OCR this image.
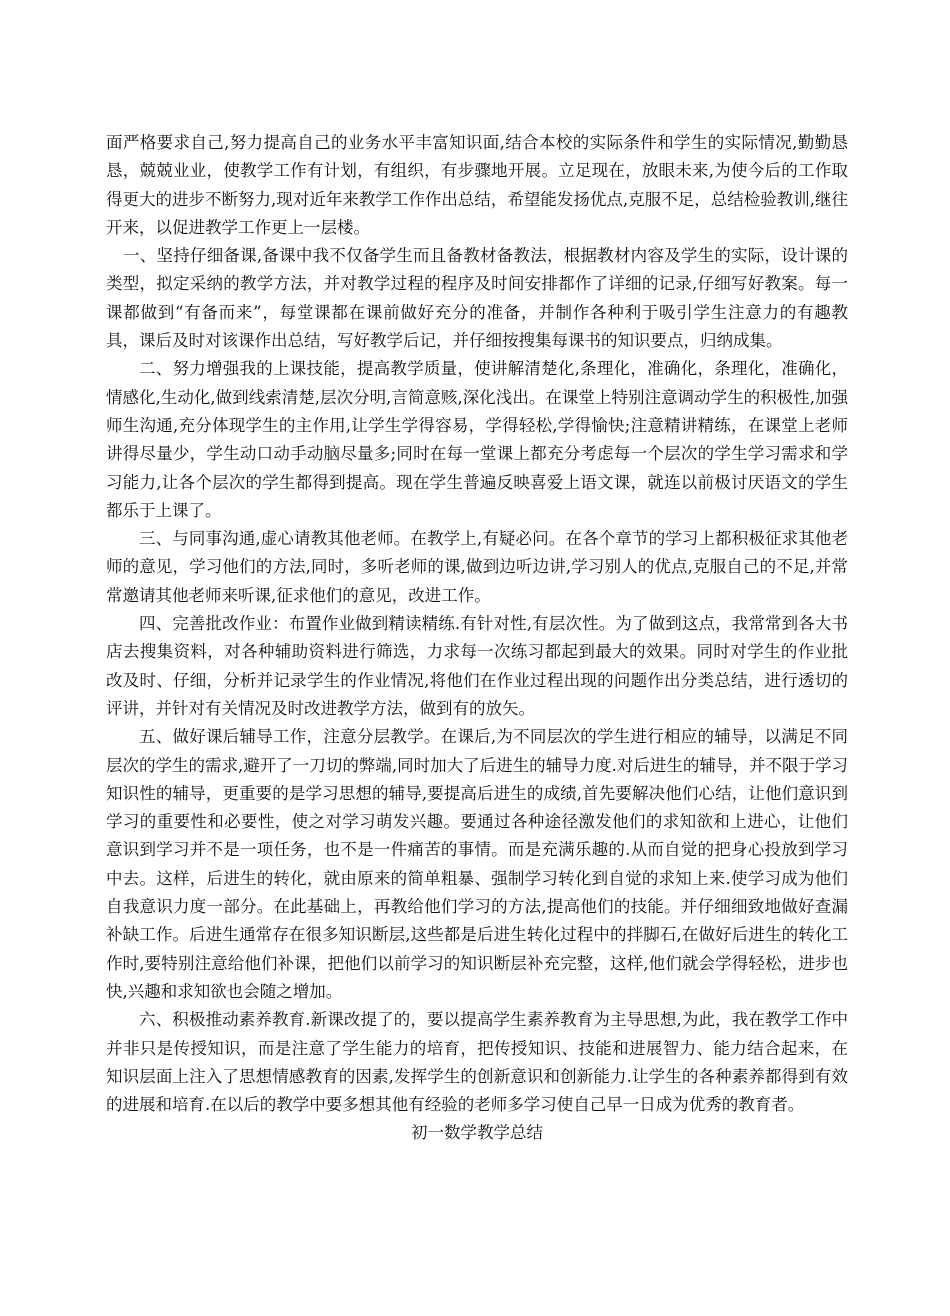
面严格要求自己,努力提高自己的业务水平丰富知识面,结合本校的实际条件和学生的实际情况,勤勤恳恳，兢兢业业，使教学工作有计划，有组织，有步骤地开展。立足现在，放眼未来,为使今后的工作取得更大的进步不断努力,现对近年来教学工作作出总结，希望能发扬优点,克服不足，总结检验教训,继往开来，以促进教学工作更上一层楼。

一、坚持仔细备课,备课中我不仅备学生而且备教材备教法，根据教材内容及学生的实际，设计课的类型，拟定采纳的教学方法，并对教学过程的程序及时间安排都作了详细的记录,仔细写好教案。每一课都做到“有备而来”，每堂课都在课前做好充分的准备，并制作各种利于吸引学生注意力的有趣教具，课后及时对该课作出总结，写好教学后记，并仔细按搜集每课书的知识要点，归纳成集。

二、努力增强我的上课技能，提高教学质量，使讲解清楚化,条理化，准确化，条理化，准确化，情感化,生动化,做到线索清楚,层次分明,言简意赅,深化浅出。在课堂上特别注意调动学生的积极性,加强师生沟通,充分体现学生的主作用,让学生学得容易，学得轻松,学得愉快;注意精讲精练，在课堂上老师讲得尽量少，学生动口动手动脑尽量多;同时在每一堂课上都充分考虑每一个层次的学生学习需求和学习能力,让各个层次的学生都得到提高。现在学生普遍反映喜爱上语文课，就连以前极讨厌语文的学生都乐于上课了。

三、与同事沟通,虚心请教其他老师。在教学上,有疑必问。在各个章节的学习上都积极征求其他老师的意见，学习他们的方法,同时，多听老师的课,做到边听边讲,学习别人的优点,克服自己的不足,并常常邀请其他老师来听课,征求他们的意见，改进工作。

四、完善批改作业：布置作业做到精读精练.有针对性,有层次性。为了做到这点，我常常到各大书店去搜集资料，对各种辅助资料进行筛选，力求每一次练习都起到最大的效果。同时对学生的作业批改及时、仔细，分析并记录学生的作业情况,将他们在作业过程出现的问题作出分类总结，进行透切的评讲，并针对有关情况及时改进教学方法，做到有的放矢。

五、做好课后辅导工作，注意分层教学。在课后,为不同层次的学生进行相应的辅导，以满足不同层次的学生的需求,避开了一刀切的弊端,同时加大了后进生的辅导力度.对后进生的辅导，并不限于学习知识性的辅导，更重要的是学习思想的辅导,要提高后进生的成绩,首先要解决他们心结，让他们意识到学习的重要性和必要性，使之对学习萌发兴趣。要通过各种途径激发他们的求知欲和上进心，让他们意识到学习并不是一项任务，也不是一件痛苦的事情。而是充满乐趣的.从而自觉的把身心投放到学习中去。这样，后进生的转化，就由原来的简单粗暴、强制学习转化到自觉的求知上来.使学习成为他们自我意识力度一部分。在此基础上，再教给他们学习的方法,提高他们的技能。并仔细细致地做好查漏补缺工作。后进生通常存在很多知识断层,这些都是后进生转化过程中的拌脚石,在做好后进生的转化工作时,要特别注意给他们补课，把他们以前学习的知识断层补充完整，这样,他们就会学得轻松，进步也快,兴趣和求知欲也会随之增加。

六、积极推动素养教育.新课改提了的，要以提高学生素养教育为主导思想,为此，我在教学工作中并非只是传授知识，而是注意了学生能力的培育，把传授知识、技能和进展智力、能力结合起来，在知识层面上注入了思想情感教育的因素,发挥学生的创新意识和创新能力.让学生的各种素养都得到有效的进展和培育.在以后的教学中要多想其他有经验的老师多学习使自己早一日成为优秀的教育者。

初一数学教学总结
